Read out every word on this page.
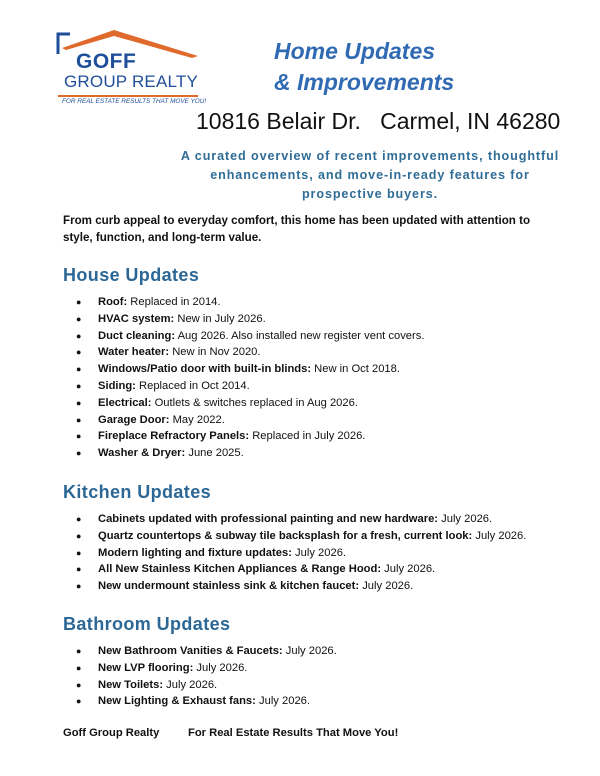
GOFF
GROUP REALTY
FOR REAL ESTATE RESULTS THAT MOVE YOU!
Home Updates
& Improvements
10816 Belair Dr.   Carmel, IN 46280
A curated overview of recent improvements, thoughtful enhancements, and move-in-ready features for prospective buyers.
From curb appeal to everyday comfort, this home has been updated with attention to style, function, and long-term value.
House Updates
● Roof: Replaced in 2014.
● HVAC system: New in July 2026.
● Duct cleaning: Aug 2026. Also installed new register vent covers.
● Water heater: New in Nov 2020.
● Windows/Patio door with built-in blinds: New in Oct 2018.
● Siding: Replaced in Oct 2014.
● Electrical: Outlets & switches replaced in Aug 2026.
● Garage Door: May 2022.
● Fireplace Refractory Panels: Replaced in July 2026.
● Washer & Dryer: June 2025.
Kitchen Updates
● Cabinets updated with professional painting and new hardware: July 2026.
● Quartz countertops & subway tile backsplash for a fresh, current look: July 2026.
● Modern lighting and fixture updates: July 2026.
● All New Stainless Kitchen Appliances & Range Hood: July 2026.
● New undermount stainless sink & kitchen faucet: July 2026.
Bathroom Updates
● New Bathroom Vanities & Faucets: July 2026.
● New LVP flooring: July 2026.
● New Toilets: July 2026.
● New Lighting & Exhaust fans: July 2026.
Goff Group Realty	For Real Estate Results That Move You!
